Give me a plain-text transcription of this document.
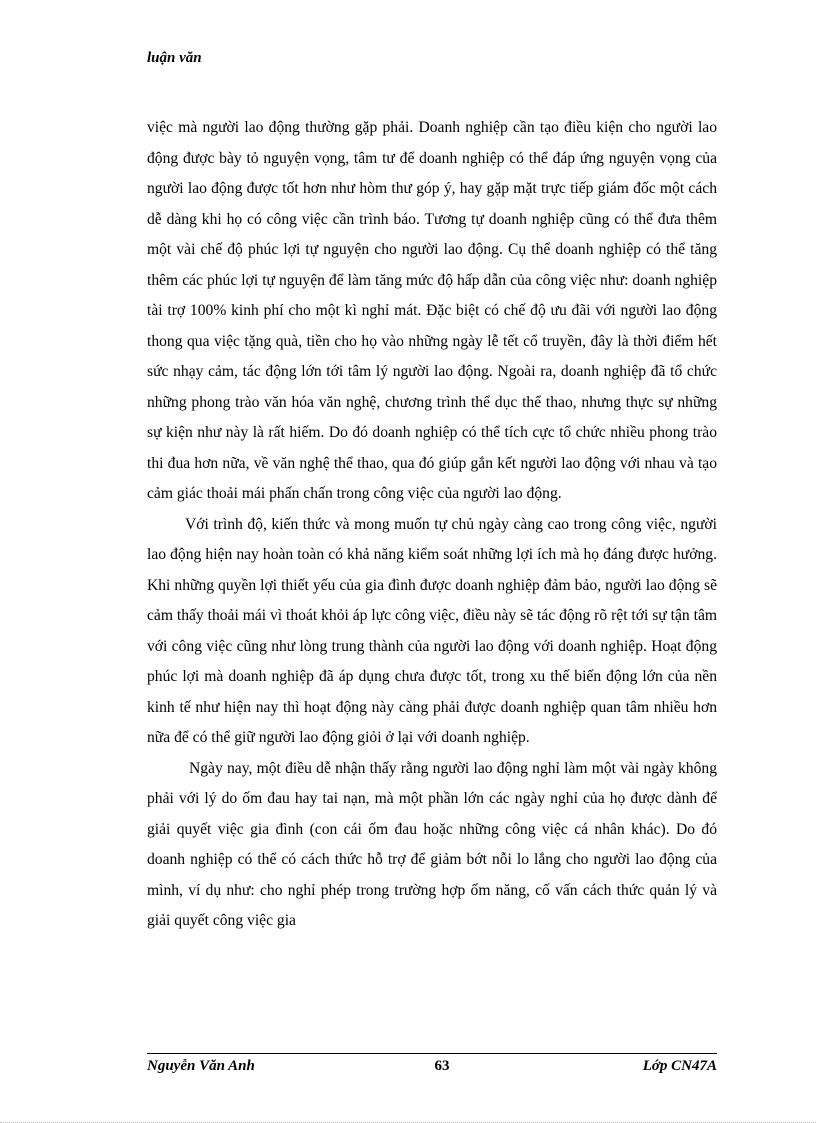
luận văn

việc mà người lao động thường gặp phải. Doanh nghiệp cần tạo điều kiện cho người lao động được bày tỏ nguyện vọng, tâm tư để doanh nghiệp có thể đáp ứng nguyện vọng của người lao động được tốt hơn như hòm thư góp ý, hay gặp mặt trực tiếp giám đốc một cách dễ dàng khi họ có công việc cần trình báo. Tương tự doanh nghiệp cũng có thể đưa thêm một vài chế độ phúc lợi tự nguyện cho người lao động. Cụ thể doanh nghiệp có thể tăng thêm các phúc lợi tự nguyện để làm tăng mức độ hấp dẫn của công việc như: doanh nghiệp tài trợ 100% kinh phí cho một kì nghỉ mát. Đặc biệt có chế độ ưu đãi với người lao động thong qua việc tặng quà, tiền cho họ vào những ngày lễ tết cổ truyền, đây là thời điểm hết sức nhạy cảm, tác động lớn tới tâm lý người lao động. Ngoài ra, doanh nghiệp đã tổ chức những phong trào văn hóa văn nghệ, chương trình thể dục thể thao, nhưng thực sự những sự kiện như này là rất hiếm. Do đó doanh nghiệp có thể tích cực tổ chức nhiều phong trào thi đua hơn nữa, về văn nghệ thể thao, qua đó giúp gắn kết người lao động với nhau và tạo cảm giác thoải mái phấn chấn trong công việc của người lao động.

Với trình độ, kiến thức và mong muốn tự chủ ngày càng cao trong công việc, người lao động hiện nay hoàn toàn có khả năng kiểm soát những lợi ích mà họ đáng được hưởng. Khi những quyền lợi thiết yếu của gia đình được doanh nghiệp đảm bảo, người lao động sẽ cảm thấy thoải mái vì thoát khỏi áp lực công việc, điều này sẽ tác động rõ rệt tới sự tận tâm với công việc cũng như lòng trung thành của người lao động với doanh nghiệp. Hoạt động phúc lợi mà doanh nghiệp đã áp dụng chưa được tốt, trong xu thế biến động lớn của nền kinh tế như hiện nay thì hoạt động này càng phải được doanh nghiệp quan tâm nhiều hơn nữa để có thể giữ người lao động giỏi ở lại với doanh nghiệp.

Ngày nay, một điều dễ nhận thấy rằng người lao động nghỉ làm một vài ngày không phải với lý do ốm đau hay tai nạn, mà một phần lớn các ngày nghỉ của họ được dành để giải quyết việc gia đình (con cái ốm đau hoặc những công việc cá nhân khác). Do đó doanh nghiệp có thể có cách thức hỗ trợ để giảm bớt nỗi lo lắng cho người lao động của mình, ví dụ như: cho nghỉ phép trong trường hợp ốm năng, cố vấn cách thức quản lý và giải quyết công việc gia

Nguyễn Văn Anh	63	Lớp CN47A
